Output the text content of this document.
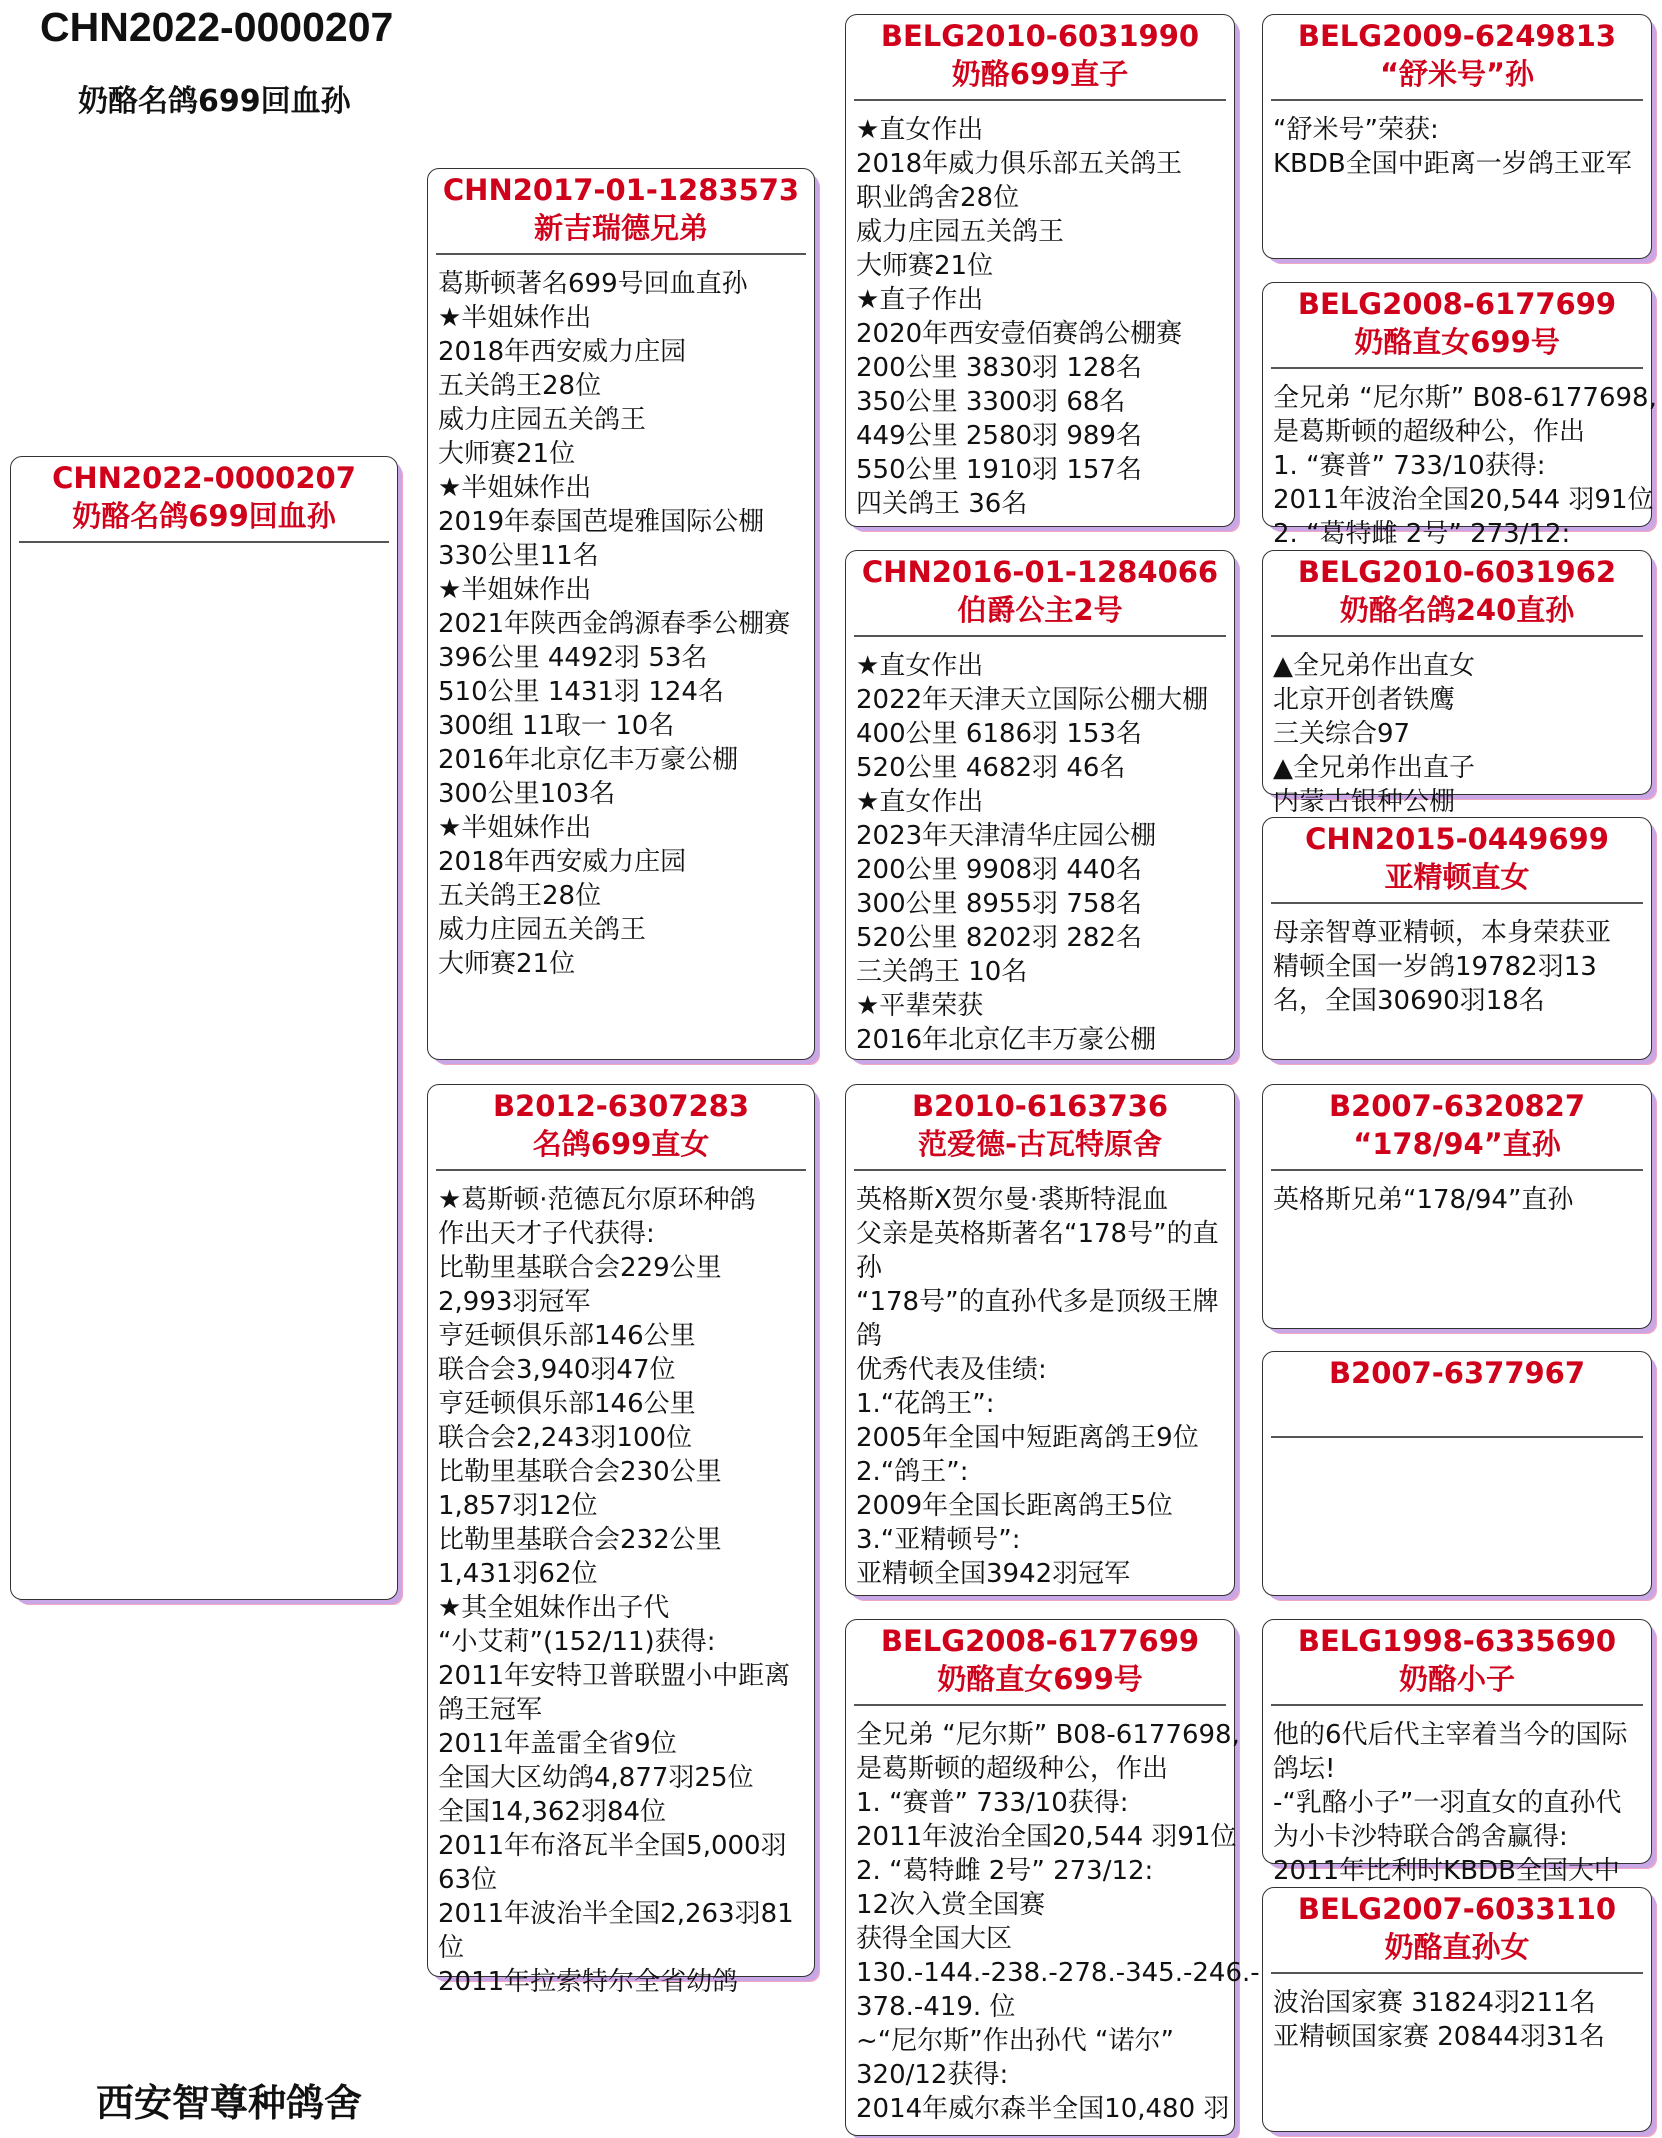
CHN2022-0000207
奶酪名鸽699回血孙
西安智尊种鸽舍
CHN2022-0000207
奶酪名鸽699回血孙
CHN2017-01-1283573
新吉瑞德兄弟
葛斯顿著名699号回血直孙
★半姐妹作出
2018年西安威力庄园
五关鸽王28位
威力庄园五关鸽王
大师赛21位
★半姐妹作出
2019年泰国芭堤雅国际公棚
330公里11名
★半姐妹作出
2021年陕西金鸽源春季公棚赛
396公里 4492羽 53名
510公里 1431羽 124名
300组 11取一 10名
2016年北京亿丰万豪公棚
300公里103名
★半姐妹作出
2018年西安威力庄园
五关鸽王28位
威力庄园五关鸽王
大师赛21位
B2012-6307283
名鸽699直女
★葛斯顿·范德瓦尔原环种鸽
作出天才子代获得:
比勒里基联合会229公里
2,993羽冠军
亨廷顿俱乐部146公里
联合会3,940羽47位
亨廷顿俱乐部146公里
联合会2,243羽100位
比勒里基联合会230公里
1,857羽12位
比勒里基联合会232公里
1,431羽62位
★其全姐妹作出子代
“小艾莉”(152/11)获得:
2011年安特卫普联盟小中距离
鸽王冠军
2011年盖雷全省9位
全国大区幼鸽4,877羽25位
全国14,362羽84位
2011年布洛瓦半全国5,000羽
63位
2011年波治半全国2,263羽81
位
2011年拉索特尔全省幼鸽
BELG2010-6031990
奶酪699直子
★直女作出
2018年威力俱乐部五关鸽王
职业鸽舍28位
威力庄园五关鸽王
大师赛21位
★直子作出
2020年西安壹佰赛鸽公棚赛
200公里 3830羽 128名
350公里 3300羽 68名
449公里 2580羽 989名
550公里 1910羽 157名
四关鸽王 36名
CHN2016-01-1284066
伯爵公主2号
★直女作出
2022年天津天立国际公棚大棚
400公里 6186羽 153名
520公里 4682羽 46名
★直女作出
2023年天津清华庄园公棚
200公里 9908羽 440名
300公里 8955羽 758名
520公里 8202羽 282名
三关鸽王 10名
★平辈荣获
2016年北京亿丰万豪公棚
B2010-6163736
范爱德-古瓦特原舍
英格斯X贺尔曼·裘斯特混血
父亲是英格斯著名“178号”的直
孙
“178号”的直孙代多是顶级王牌
鸽
优秀代表及佳绩:
1.“花鸽王”:
2005年全国中短距离鸽王9位
2.“鸽王”:
2009年全国长距离鸽王5位
3.“亚精顿号”:
亚精顿全国3942羽冠军
BELG2008-6177699
奶酪直女699号
全兄弟 “尼尔斯” B08-6177698,
是葛斯顿的超级种公，作出
1. “赛普” 733/10获得:
2011年波治全国20,544 羽91位
2. “葛特雌 2号” 273/12:
12次入赏全国赛
获得全国大区
130.-144.-238.-278.-345.-246.-
378.-419. 位
~“尼尔斯”作出孙代 “诺尔”
320/12获得:
2014年威尔森半全国10,480 羽
BELG2009-6249813
“舒米号”孙
“舒米号”荣获:
KBDB全国中距离一岁鸽王亚军
BELG2008-6177699
奶酪直女699号
全兄弟 “尼尔斯” B08-6177698,
是葛斯顿的超级种公，作出
1. “赛普” 733/10获得:
2011年波治全国20,544 羽91位
2. “葛特雌 2号” 273/12:
BELG2010-6031962
奶酪名鸽240直孙
▲全兄弟作出直女
北京开创者铁鹰
三关综合97
▲全兄弟作出直子
内蒙古银种公棚
CHN2015-0449699
亚精顿直女
母亲智尊亚精顿，本身荣获亚
精顿全国一岁鸽19782羽13
名，全国30690羽18名
B2007-6320827
“178/94”直孙
英格斯兄弟“178/94”直孙
B2007-6377967
BELG1998-6335690
奶酪小子
他的6代后代主宰着当今的国际
鸽坛!
-“乳酪小子”一羽直女的直孙代
为小卡沙特联合鸽舍赢得:
2011年比利时KBDB全国大中
BELG2007-6033110
奶酪直孙女
波治国家赛 31824羽211名
亚精顿国家赛 20844羽31名
